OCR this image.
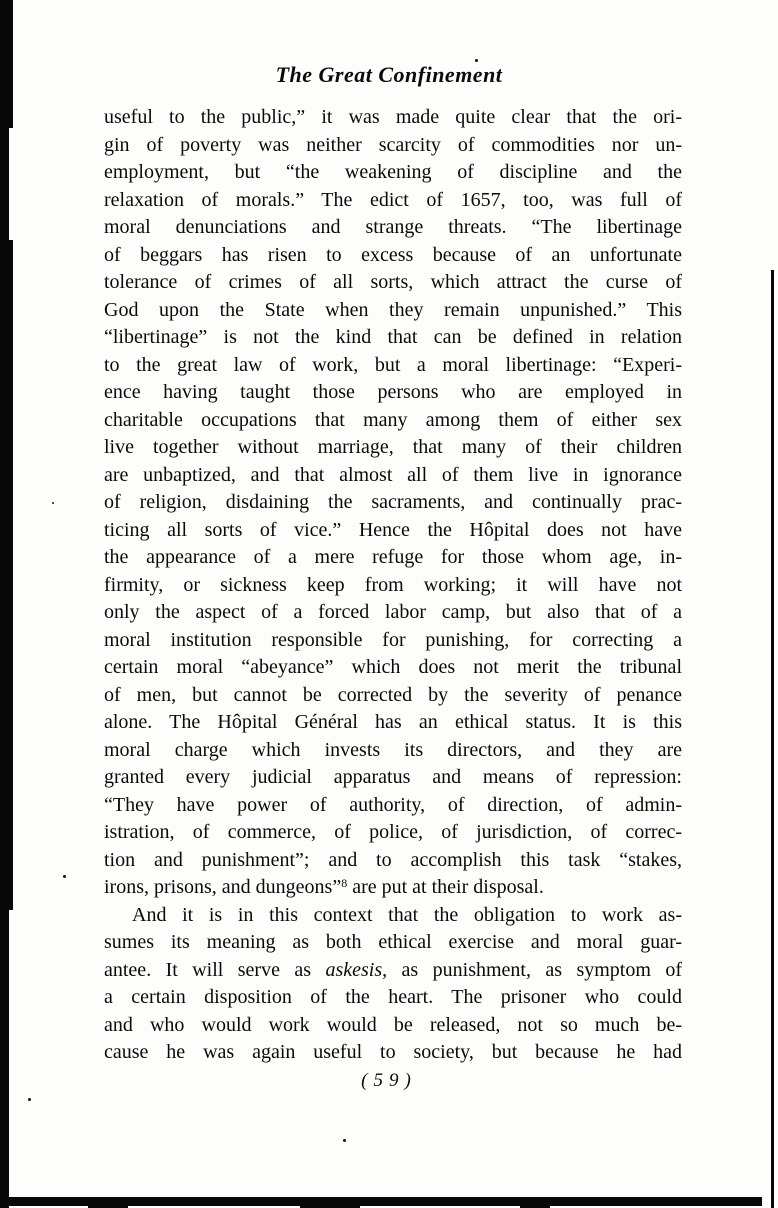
The Great Confinement
useful to the public,” it was made quite clear that the ori-
gin of poverty was neither scarcity of commodities nor un-
employment, but “the weakening of discipline and the
relaxation of morals.” The edict of 1657, too, was full of
moral denunciations and strange threats. “The libertinage
of beggars has risen to excess because of an unfortunate
tolerance of crimes of all sorts, which attract the curse of
God upon the State when they remain unpunished.” This
“libertinage” is not the kind that can be defined in relation
to the great law of work, but a moral libertinage: “Experi-
ence having taught those persons who are employed in
charitable occupations that many among them of either sex
live together without marriage, that many of their children
are unbaptized, and that almost all of them live in ignorance
of religion, disdaining the sacraments, and continually prac-
ticing all sorts of vice.” Hence the Hôpital does not have
the appearance of a mere refuge for those whom age, in-
firmity, or sickness keep from working; it will have not
only the aspect of a forced labor camp, but also that of a
moral institution responsible for punishing, for correcting a
certain moral “abeyance” which does not merit the tribunal
of men, but cannot be corrected by the severity of penance
alone. The Hôpital Général has an ethical status. It is this
moral charge which invests its directors, and they are
granted every judicial apparatus and means of repression:
“They have power of authority, of direction, of admin-
istration, of commerce, of police, of jurisdiction, of correc-
tion and punishment”; and to accomplish this task “stakes,
irons, prisons, and dungeons”$^8$ are put at their disposal.
And it is in this context that the obligation to work as-
sumes its meaning as both ethical exercise and moral guar-
antee. It will serve as askesis, as punishment, as symptom of
a certain disposition of the heart. The prisoner who could
and who would work would be released, not so much be-
cause he was again useful to society, but because he had
(59)
